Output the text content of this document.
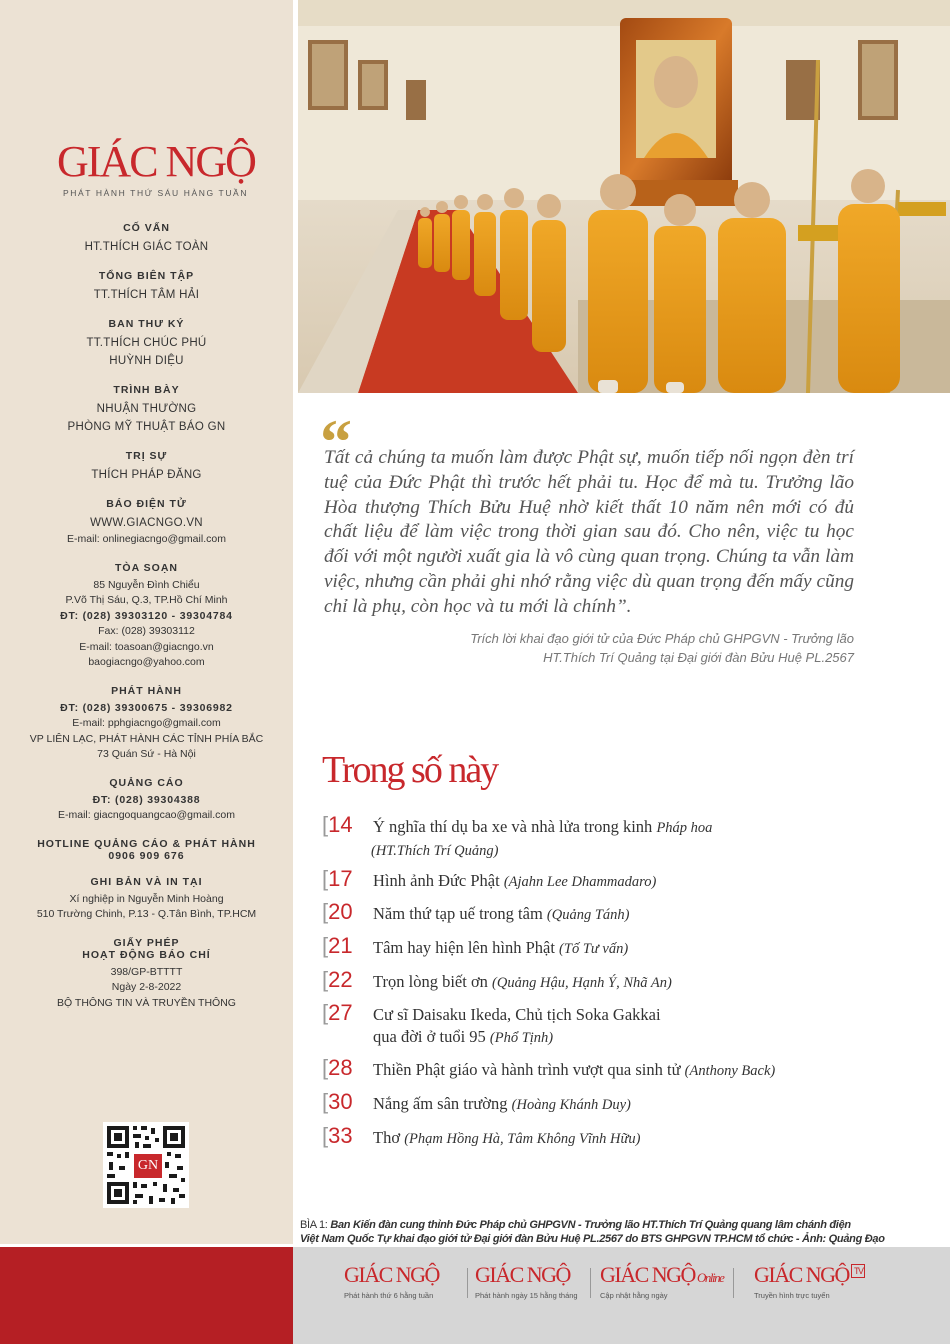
GIÁC NGỘ
PHÁT HÀNH THỨ SÁU HÀNG TUẦN
CỐ VẤN
HT.THÍCH GIÁC TOÀN
TỔNG BIÊN TẬP
TT.THÍCH TÂM HẢI
BAN THƯ KÝ
TT.THÍCH CHÚC PHÚ
HUỲNH DIỆU
TRÌNH BÀY
NHUẬN THƯỜNG
PHÒNG MỸ THUẬT BÁO GN
TRỊ SỰ
THÍCH PHÁP ĐĂNG
BÁO ĐIỆN TỬ
WWW.GIACNGO.VN
E-mail: onlinegiacngo@gmail.com
TÒA SOẠN
85 Nguyễn Đình Chiểu
P.Võ Thị Sáu, Q.3, TP.Hồ Chí Minh
ĐT: (028) 39303120 - 39304784
Fax: (028) 39303112
E-mail: toasoan@giacngo.vn
baogiacngo@yahoo.com
PHÁT HÀNH
ĐT: (028) 39300675 - 39306982
E-mail: pphgiacngo@gmail.com
VP LIÊN LẠC, PHÁT HÀNH CÁC TỈNH PHÍA BẮC
73 Quán Sứ - Hà Nội
QUẢNG CÁO
ĐT: (028) 39304388
E-mail: giacngoquangcao@gmail.com
HOTLINE QUẢNG CÁO & PHÁT HÀNH
0906 909 676
GHI BẢN VÀ IN TẠI
Xí nghiệp in Nguyễn Minh Hoàng
510 Trường Chinh, P.13 - Q.Tân Bình, TP.HCM
GIẤY PHÉP
HOẠT ĐỘNG BÁO CHÍ
398/GP-BTTTT
Ngày 2-8-2022
BỘ THÔNG TIN VÀ TRUYỀN THÔNG
GN
“
Tất cả chúng ta muốn làm được Phật sự, muốn tiếp nối ngọn đèn trí tuệ của Đức Phật thì trước hết phải tu. Học để mà tu. Trưởng lão Hòa thượng Thích Bửu Huệ nhờ kiết thất 10 năm nên mới có đủ chất liệu để làm việc trong thời gian sau đó. Cho nên, việc tu học đối với một người xuất gia là vô cùng quan trọng. Chúng ta vẫn làm việc, nhưng cần phải ghi nhớ rằng việc dù quan trọng đến mấy cũng chỉ là phụ, còn học và tu mới là chính”.
Trích lời khai đạo giới tử của Đức Pháp chủ GHPGVN - Trưởng lão
HT.Thích Trí Quảng tại Đại giới đàn Bửu Huệ PL.2567
Trong số này
[14 Ý nghĩa thí dụ ba xe và nhà lửa trong kinh Pháp hoa
(HT.Thích Trí Quảng)
[17 Hình ảnh Đức Phật (Ajahn Lee Dhammadaro)
[20 Năm thứ tạp uế trong tâm (Quảng Tánh)
[21 Tâm hay hiện lên hình Phật (Tố Tư vấn)
[22 Trọn lòng biết ơn (Quảng Hậu, Hạnh Ý, Nhã An)
[27 Cư sĩ Daisaku Ikeda, Chủ tịch Soka Gakkai
qua đời ở tuổi 95 (Phổ Tịnh)
[28 Thiền Phật giáo và hành trình vượt qua sinh tử (Anthony Back)
[30 Nắng ấm sân trường (Hoàng Khánh Duy)
[33 Thơ (Phạm Hồng Hà, Tâm Không Vĩnh Hữu)
BÌA 1: Ban Kiến đàn cung thỉnh Đức Pháp chủ GHPGVN - Trưởng lão HT.Thích Trí Quảng quang lâm chánh điện
Việt Nam Quốc Tự khai đạo giới tử Đại giới đàn Bửu Huệ PL.2567 do BTS GHPGVN TP.HCM tổ chức - Ảnh: Quảng Đạo
GIÁC NGỘ
Phát hành thứ 6 hằng tuần
GIÁC NGỘ
Phát hành ngày 15 hằng tháng
GIÁC NGỘ Online
Cập nhật hằng ngày
GIÁC NGỘ TV
Truyền hình trực tuyến
